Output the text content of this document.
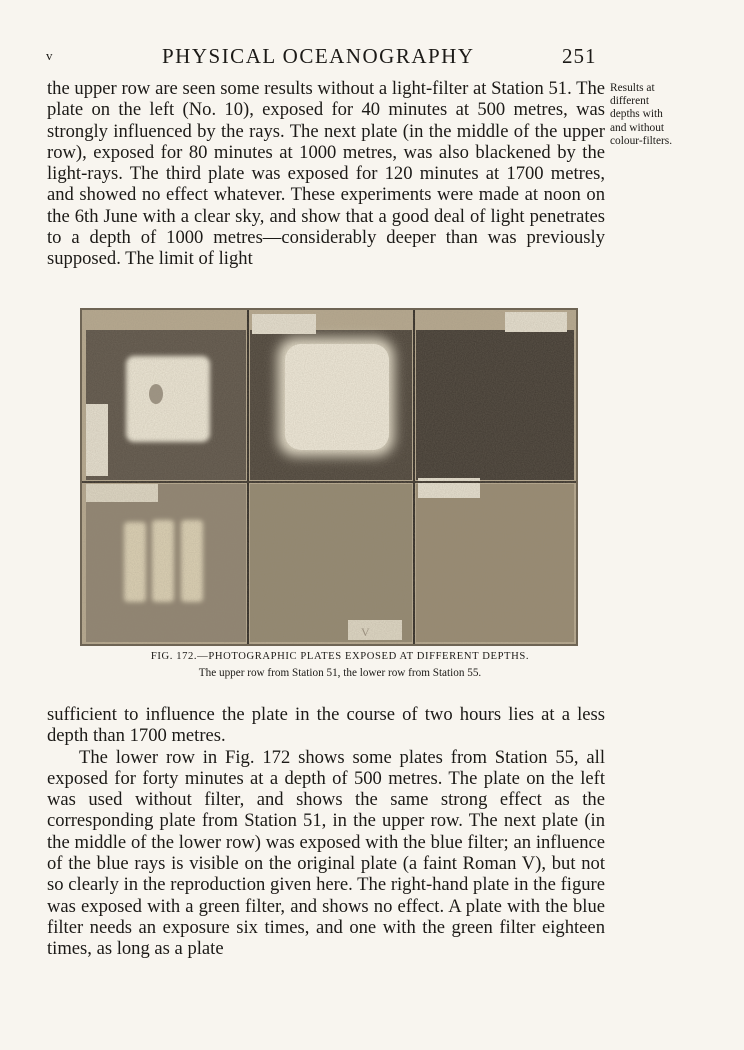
v	PHYSICAL OCEANOGRAPHY	251

the upper row are seen some results without a light-filter at Station 51. The plate on the left (No. 10), exposed for 40 minutes at 500 metres, was strongly influenced by the rays. The next plate (in the middle of the upper row), exposed for 80 minutes at 1000 metres, was also blackened by the light-rays. The third plate was exposed for 120 minutes at 1700 metres, and showed no effect whatever. These experiments were made at noon on the 6th June with a clear sky, and show that a good deal of light penetrates to a depth of 1000 metres—considerably deeper than was previously supposed. The limit of light

Results at
different
depths with
and without
colour-filters.

FIG. 172.—PHOTOGRAPHIC PLATES EXPOSED AT DIFFERENT DEPTHS.

The upper row from Station 51, the lower row from Station 55.

sufficient to influence the plate in the course of two hours lies at a less depth than 1700 metres.

The lower row in Fig. 172 shows some plates from Station 55, all exposed for forty minutes at a depth of 500 metres. The plate on the left was used without filter, and shows the same strong effect as the corresponding plate from Station 51, in the upper row. The next plate (in the middle of the lower row) was exposed with the blue filter; an influence of the blue rays is visible on the original plate (a faint Roman V), but not so clearly in the reproduction given here. The right-hand plate in the figure was exposed with a green filter, and shows no effect. A plate with the blue filter needs an exposure six times, and one with the green filter eighteen times, as long as a plate
